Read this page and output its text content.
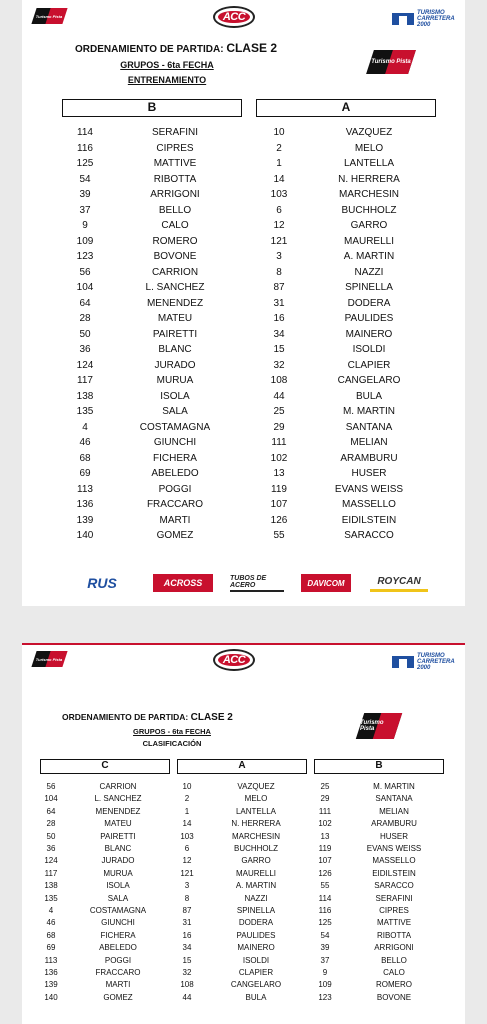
Turismo Pista	ACC	TURISMO CARRETERA 2000
ORDENAMIENTO DE PARTIDA: CLASE 2
GRUPOS - 6ta FECHA
ENTRENAMIENTO
Turismo Pista
B	A
114	SERAFINI	10	VAZQUEZ
116	CIPRES	2	MELO
125	MATTIVE	1	LANTELLA
54	RIBOTTA	14	N. HERRERA
39	ARRIGONI	103	MARCHESIN
37	BELLO	6	BUCHHOLZ
9	CALO	12	GARRO
109	ROMERO	121	MAURELLI
123	BOVONE	3	A. MARTIN
56	CARRION	8	NAZZI
104	L. SANCHEZ	87	SPINELLA
64	MENENDEZ	31	DODERA
28	MATEU	16	PAULIDES
50	PAIRETTI	34	MAINERO
36	BLANC	15	ISOLDI
124	JURADO	32	CLAPIER
117	MURUA	108	CANGELARO
138	ISOLA	44	BULA
135	SALA	25	M. MARTIN
4	COSTAMAGNA	29	SANTANA
46	GIUNCHI	111	MELIAN
68	FICHERA	102	ARAMBURU
69	ABELEDO	13	HUSER
113	POGGI	119	EVANS WEISS
136	FRACCARO	107	MASSELLO
139	MARTI	126	EIDILSTEIN
140	GOMEZ	55	SARACCO
RUS	ACROSS	TUBOS DE ACERO	DAVICOM	ROYCAN
Turismo Pista	ACC	TURISMO CARRETERA 2000
ORDENAMIENTO DE PARTIDA: CLASE 2
GRUPOS - 6ta FECHA
CLASIFICACIÓN
Turismo Pista
C	A	B
56	CARRION	10	VAZQUEZ	25	M. MARTIN
104	L. SANCHEZ	2	MELO	29	SANTANA
64	MENENDEZ	1	LANTELLA	111	MELIAN
28	MATEU	14	N. HERRERA	102	ARAMBURU
50	PAIRETTI	103	MARCHESIN	13	HUSER
36	BLANC	6	BUCHHOLZ	119	EVANS WEISS
124	JURADO	12	GARRO	107	MASSELLO
117	MURUA	121	MAURELLI	126	EIDILSTEIN
138	ISOLA	3	A. MARTIN	55	SARACCO
135	SALA	8	NAZZI	114	SERAFINI
4	COSTAMAGNA	87	SPINELLA	116	CIPRES
46	GIUNCHI	31	DODERA	125	MATTIVE
68	FICHERA	16	PAULIDES	54	RIBOTTA
69	ABELEDO	34	MAINERO	39	ARRIGONI
113	POGGI	15	ISOLDI	37	BELLO
136	FRACCARO	32	CLAPIER	9	CALO
139	MARTI	108	CANGELARO	109	ROMERO
140	GOMEZ	44	BULA	123	BOVONE
